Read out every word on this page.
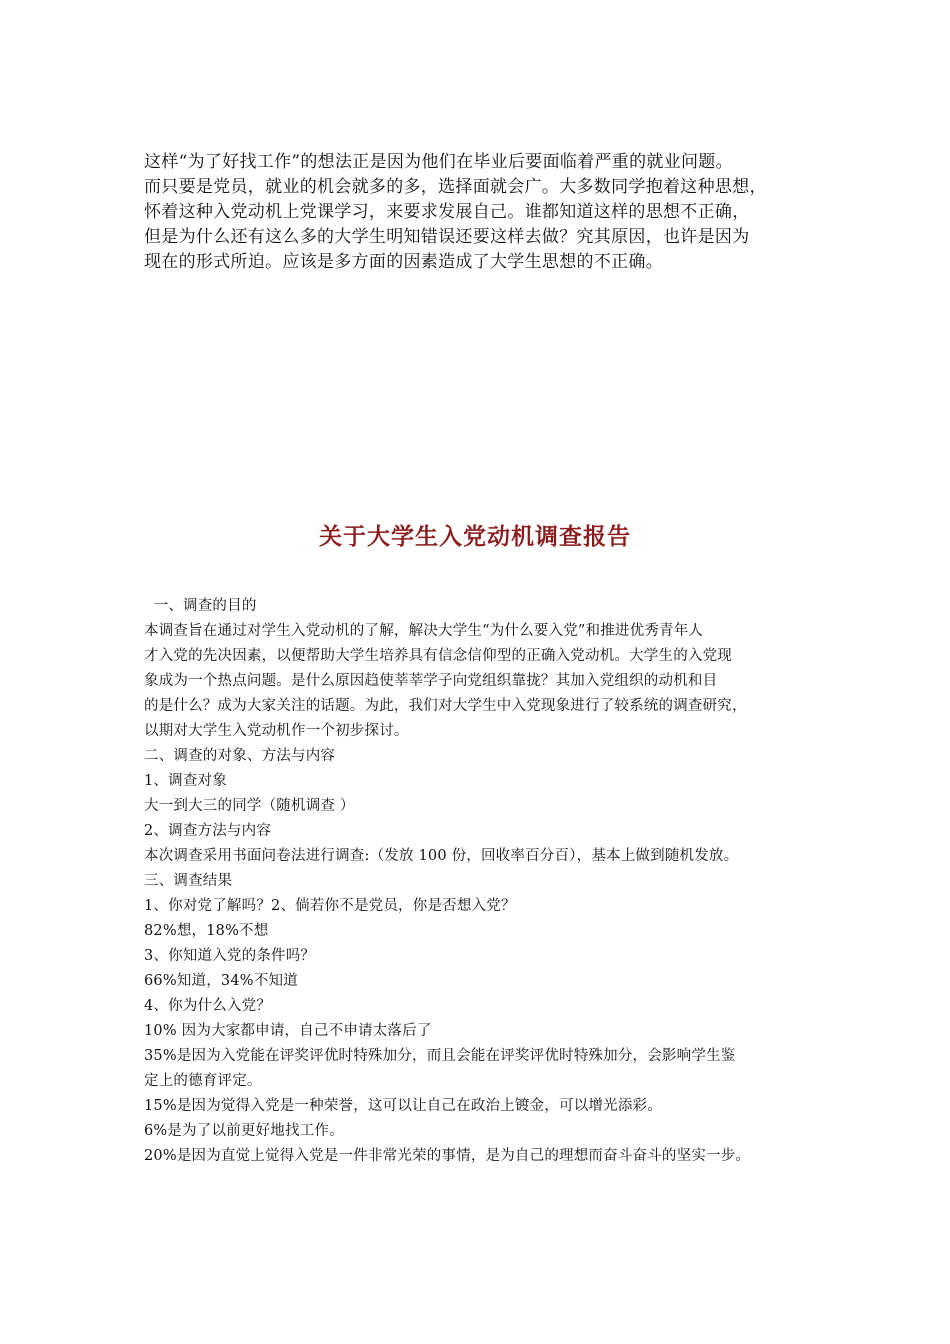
这样“为了好找工作”的想法正是因为他们在毕业后要面临着严重的就业问题。
而只要是党员，就业的机会就多的多，选择面就会广。大多数同学抱着这种思想，
怀着这种入党动机上党课学习，来要求发展自己。谁都知道这样的思想不正确，
但是为什么还有这么多的大学生明知错误还要这样去做？究其原因，也许是因为
现在的形式所迫。应该是多方面的因素造成了大学生思想的不正确。
关于大学生入党动机调查报告
一、调查的目的
本调查旨在通过对学生入党动机的了解，解决大学生“为什么要入党”和推进优秀青年人
才入党的先决因素，以便帮助大学生培养具有信念信仰型的正确入党动机。大学生的入党现
象成为一个热点问题。是什么原因趋使莘莘学子向党组织靠拢？其加入党组织的动机和目
的是什么？成为大家关注的话题。为此，我们对大学生中入党现象进行了较系统的调查研究，
以期对大学生入党动机作一个初步探讨。
二、调查的对象、方法与内容
1、调查对象
大一到大三的同学（随机调查 ）
2、调查方法与内容
本次调查采用书面问卷法进行调查:（发放 100 份，回收率百分百），基本上做到随机发放。
三、调查结果
1、你对党了解吗？2、倘若你不是党员，你是否想入党？
82%想，18%不想
3、你知道入党的条件吗？
66%知道，34%不知道
4、你为什么入党？
10% 因为大家都申请，自己不申请太落后了
35%是因为入党能在评奖评优时特殊加分，而且会能在评奖评优时特殊加分，会影响学生鉴
定上的德育评定。
15%是因为觉得入党是一种荣誉，这可以让自己在政治上镀金，可以增光添彩。
6%是为了以前更好地找工作。
20%是因为直觉上觉得入党是一件非常光荣的事情，是为自己的理想而奋斗奋斗的坚实一步。
